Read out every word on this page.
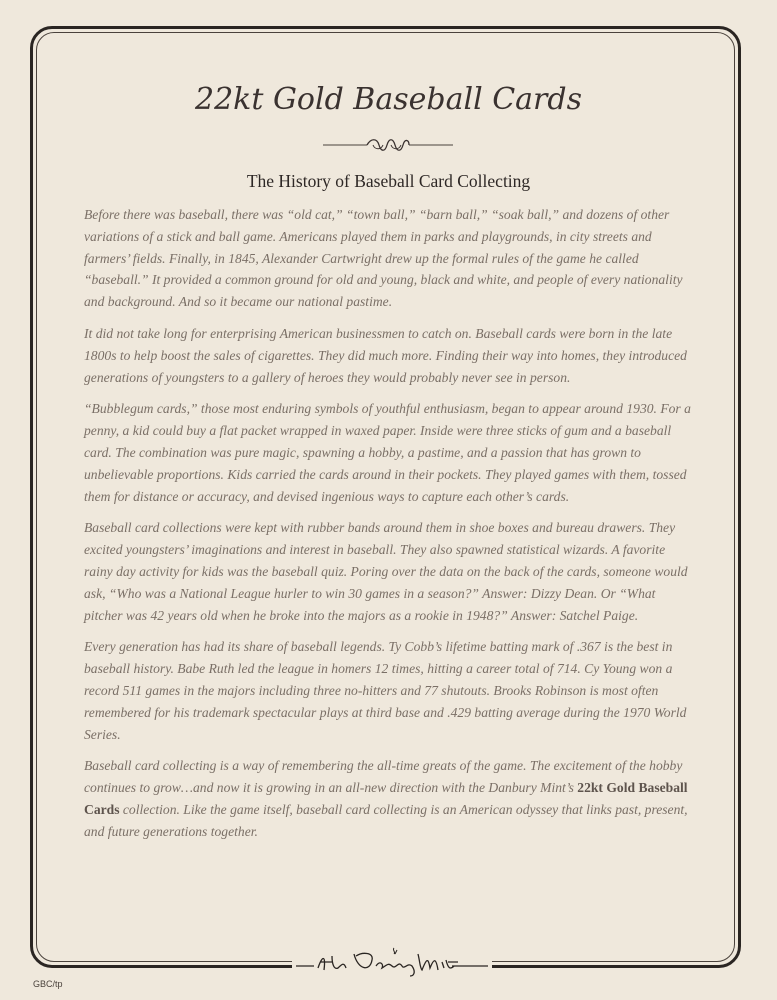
22kt Gold Baseball Cards
The History of Baseball Card Collecting

Before there was baseball, there was “old cat,” “town ball,” “barn ball,” “soak ball,” and dozens of other variations of a stick and ball game. Americans played them in parks and playgrounds, in city streets and farmers’ fields. Finally, in 1845, Alexander Cartwright drew up the formal rules of the game he called “baseball.” It provided a common ground for old and young, black and white, and people of every nationality and background. And so it became our national pastime.

It did not take long for enterprising American businessmen to catch on. Baseball cards were born in the late 1800s to help boost the sales of cigarettes. They did much more. Finding their way into homes, they introduced generations of youngsters to a gallery of heroes they would probably never see in person.

“Bubblegum cards,” those most enduring symbols of youthful enthusiasm, began to appear around 1930. For a penny, a kid could buy a flat packet wrapped in waxed paper. Inside were three sticks of gum and a baseball card. The combination was pure magic, spawning a hobby, a pastime, and a passion that has grown to unbelievable proportions. Kids carried the cards around in their pockets. They played games with them, tossed them for distance or accuracy, and devised ingenious ways to capture each other’s cards.

Baseball card collections were kept with rubber bands around them in shoe boxes and bureau drawers. They excited youngsters’ imaginations and interest in baseball. They also spawned statistical wizards. A favorite rainy day activity for kids was the baseball quiz. Poring over the data on the back of the cards, someone would ask, “Who was a National League hurler to win 30 games in a season?” Answer: Dizzy Dean. Or “What pitcher was 42 years old when he broke into the majors as a rookie in 1948?” Answer: Satchel Paige.

Every generation has had its share of baseball legends. Ty Cobb’s lifetime batting mark of .367 is the best in baseball history. Babe Ruth led the league in homers 12 times, hitting a career total of 714. Cy Young won a record 511 games in the majors including three no-hitters and 77 shutouts. Brooks Robinson is most often remembered for his trademark spectacular plays at third base and .429 batting average during the 1970 World Series.

Baseball card collecting is a way of remembering the all-time greats of the game. The excitement of the hobby continues to grow…and now it is growing in an all-new direction with the Danbury Mint’s 22kt Gold Baseball Cards collection. Like the game itself, baseball card collecting is an American odyssey that links past, present, and future generations together.

GBC/tp
